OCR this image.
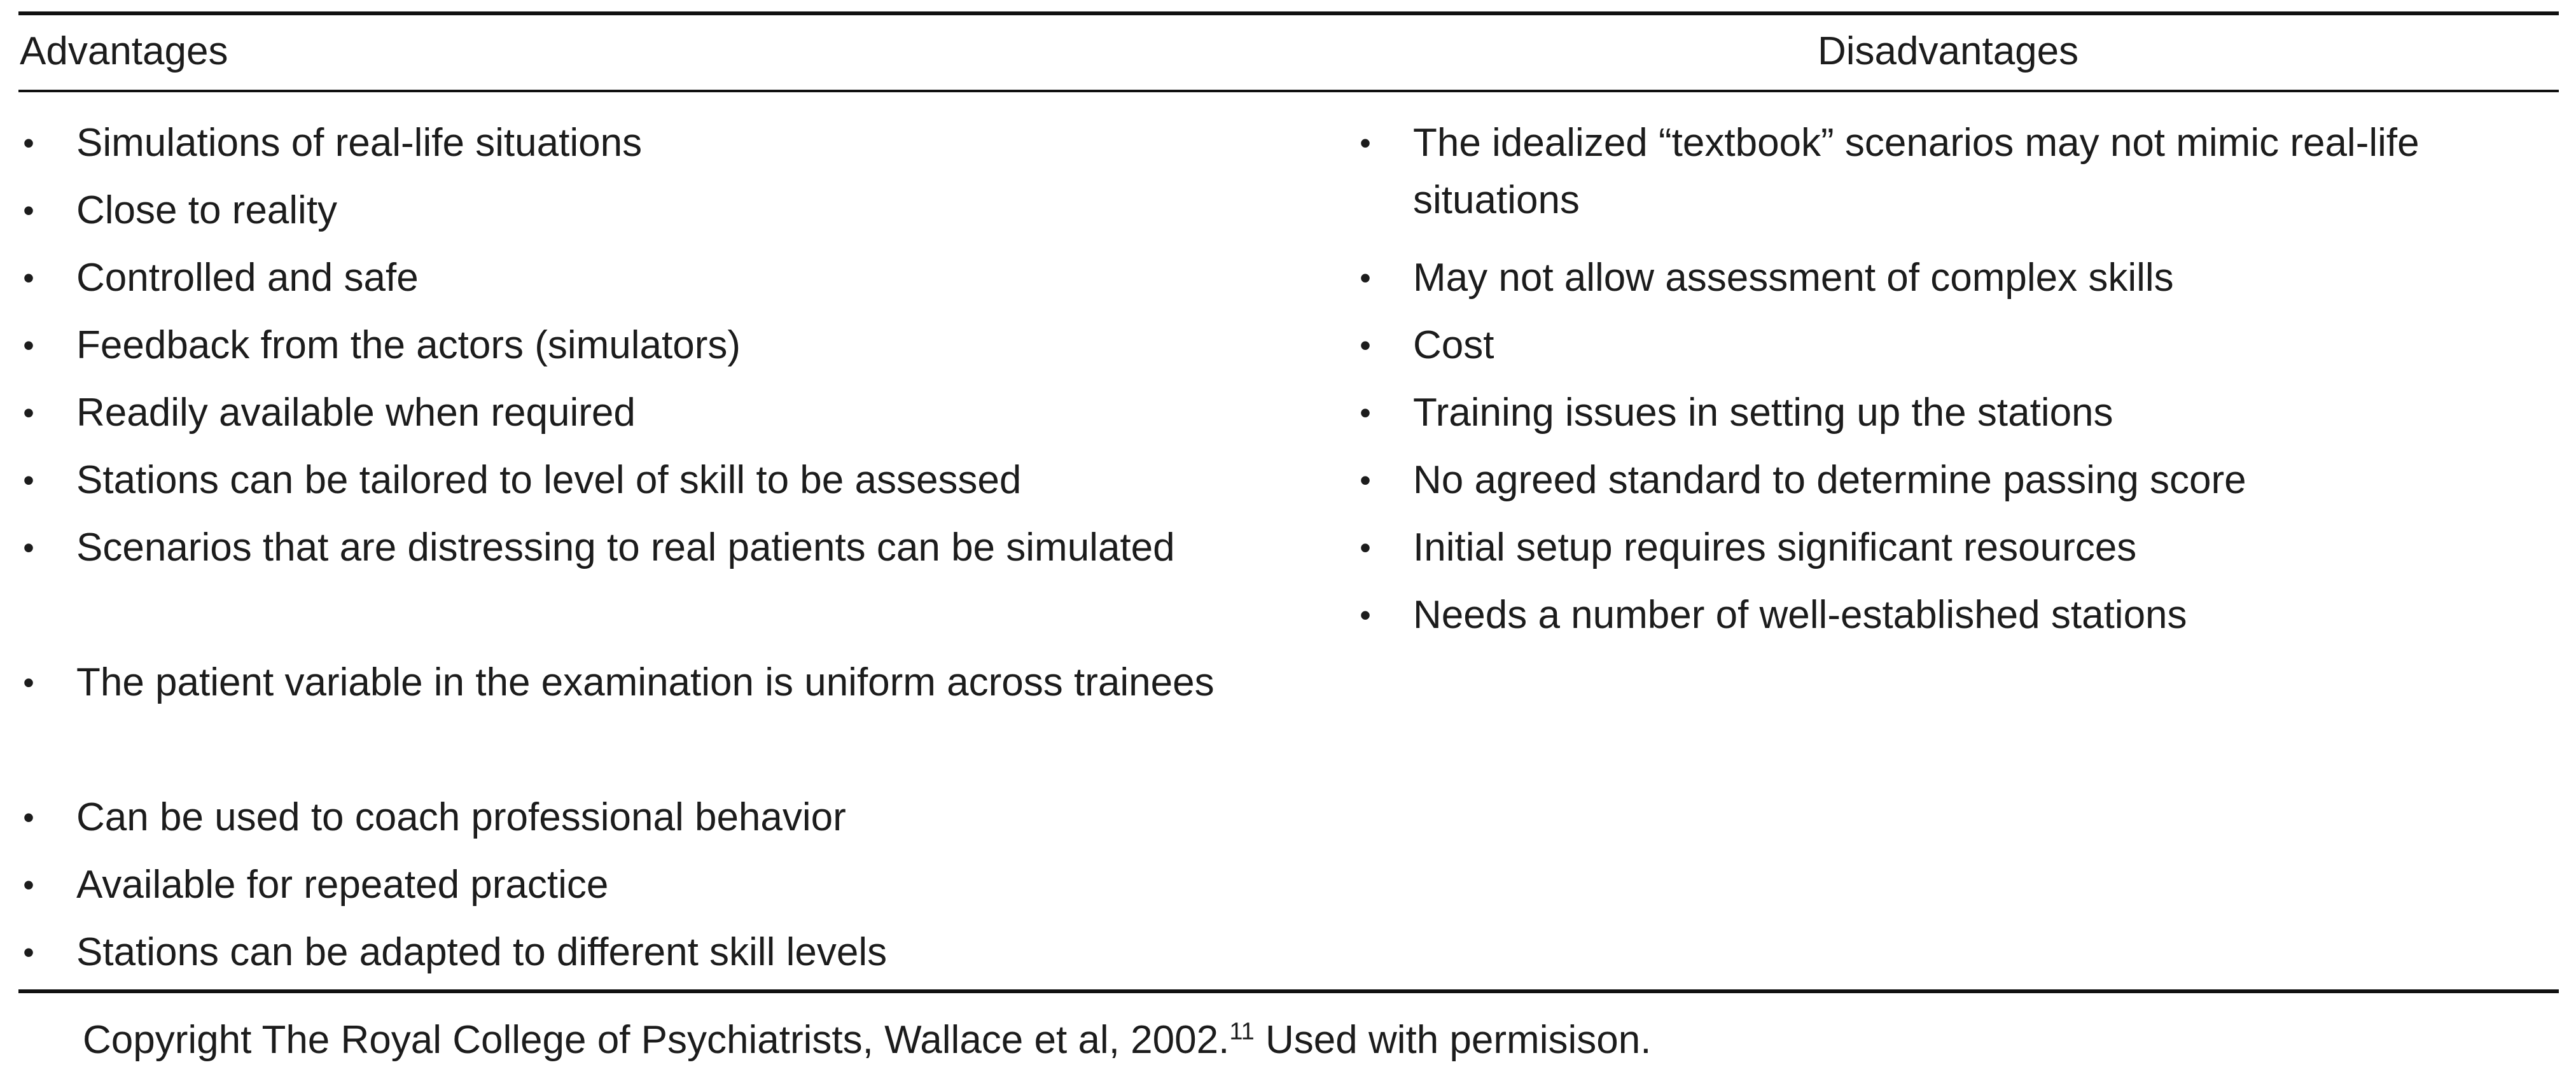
Advantages	Disadvantages
• Simulations of real-life situations
• Close to reality
• Controlled and safe
• Feedback from the actors (simulators)
• Readily available when required
• Stations can be tailored to level of skill to be assessed
• Scenarios that are distressing to real patients can be simulated
• The patient variable in the examination is uniform across trainees
• Can be used to coach professional behavior
• Available for repeated practice
• Stations can be adapted to different skill levels
• The idealized “textbook” scenarios may not mimic real-life situations
• May not allow assessment of complex skills
• Cost
• Training issues in setting up the stations
• No agreed standard to determine passing score
• Initial setup requires significant resources
• Needs a number of well-established stations
Copyright The Royal College of Psychiatrists, Wallace et al, 2002.11 Used with permisison.
